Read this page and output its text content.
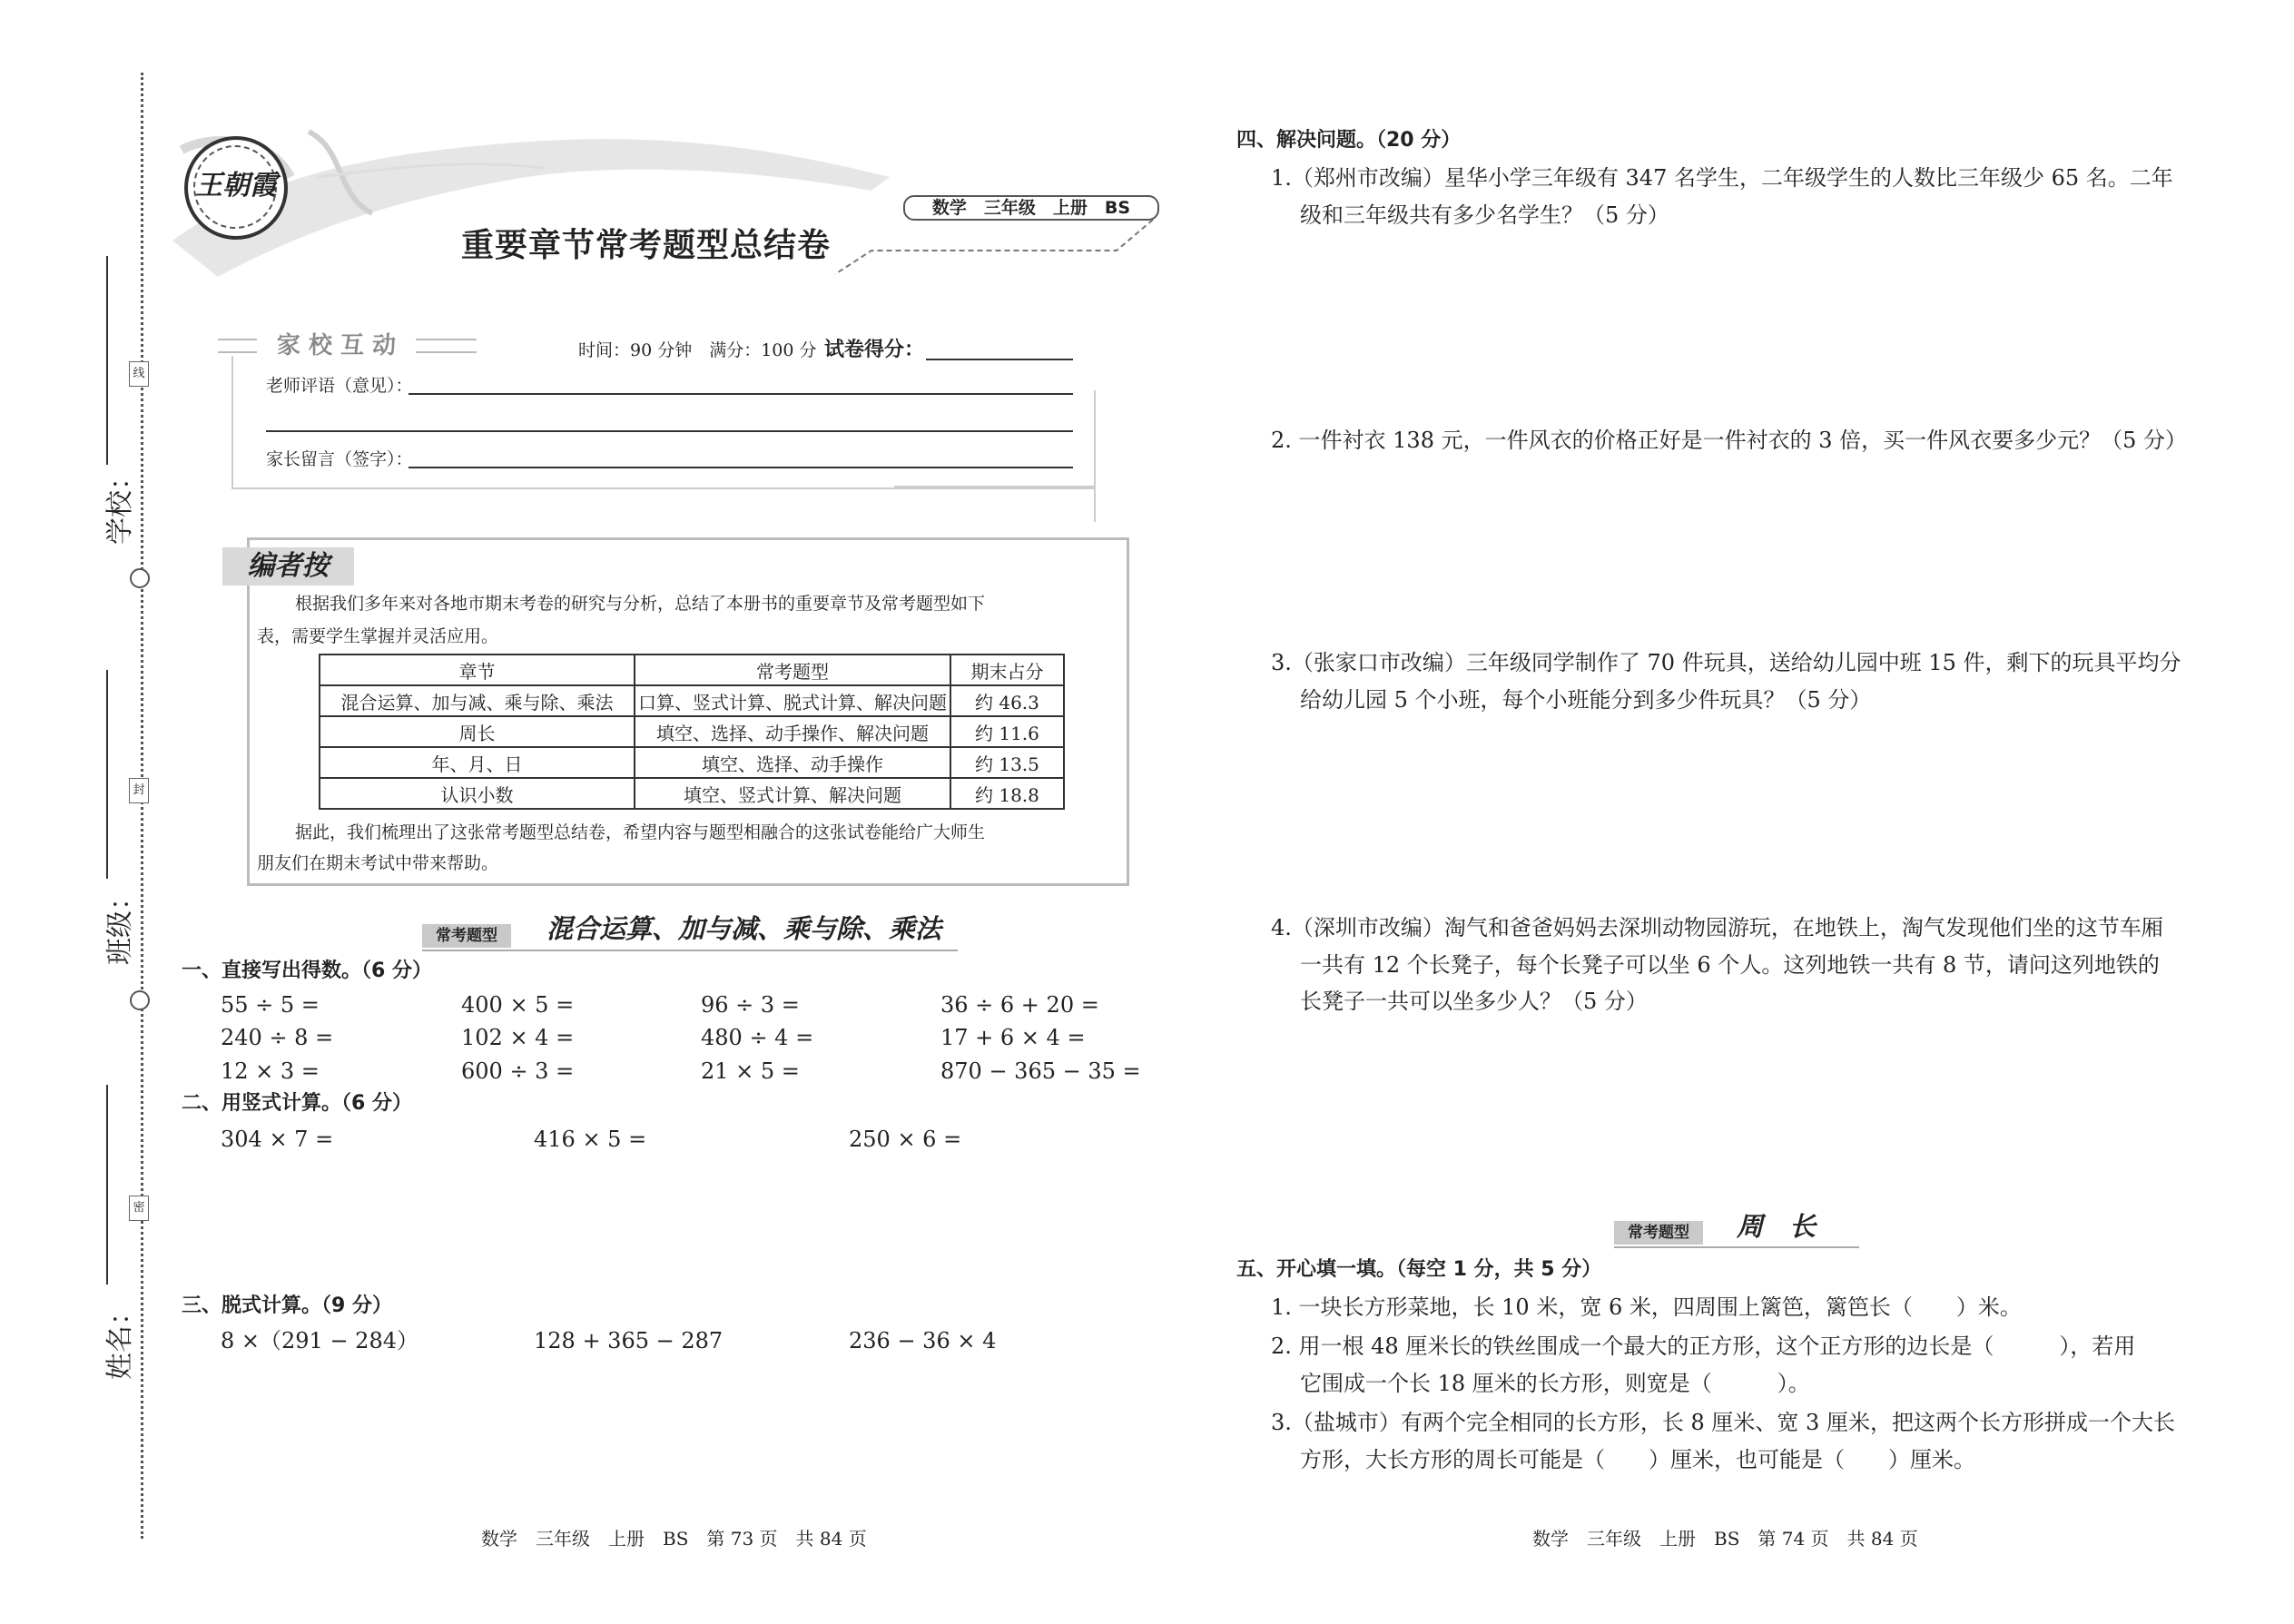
线
封
密
学校：
班级：
姓名：
王朝霞
重要章节常考题型总结卷
数学　三年级　上册　BS
家 校 互 动	时间：90 分钟　满分：100 分 试卷得分：
老师评语（意见）：
家长留言（签字）：
编者按
根据我们多年来对各地市期末考卷的研究与分析，总结了本册书的重要章节及常考题型如下
表，需要学生掌握并灵活应用。
章节	常考题型	期末占分
混合运算、加与减、乘与除、乘法	口算、竖式计算、脱式计算、解决问题	约 46.3
周长	填空、选择、动手操作、解决问题	约 11.6
年、月、日	填空、选择、动手操作	约 13.5
认识小数	填空、竖式计算、解决问题	约 18.8
据此，我们梳理出了这张常考题型总结卷，希望内容与题型相融合的这张试卷能给广大师生
朋友们在期末考试中带来帮助。
常考题型	混合运算、加与减、乘与除、乘法
一、直接写出得数。（6 分）
55 ÷ 5 =	400 × 5 =	96 ÷ 3 =	36 ÷ 6 + 20 =
240 ÷ 8 =	102 × 4 =	480 ÷ 4 =	17 + 6 × 4 =
12 × 3 =	600 ÷ 3 =	21 × 5 =	870 − 365 − 35 =
二、用竖式计算。（6 分）
304 × 7 =	416 × 5 =	250 × 6 =
三、脱式计算。（9 分）
8 ×（291 − 284）	128 + 365 − 287	236 − 36 × 4
四、解决问题。（20 分）
1.（郑州市改编）星华小学三年级有 347 名学生，二年级学生的人数比三年级少 65 名。二年
级和三年级共有多少名学生？（5 分）
2. 一件衬衣 138 元，一件风衣的价格正好是一件衬衣的 3 倍，买一件风衣要多少元？（5 分）
3.（张家口市改编）三年级同学制作了 70 件玩具，送给幼儿园中班 15 件，剩下的玩具平均分
给幼儿园 5 个小班，每个小班能分到多少件玩具？（5 分）
4.（深圳市改编）淘气和爸爸妈妈去深圳动物园游玩，在地铁上，淘气发现他们坐的这节车厢
一共有 12 个长凳子，每个长凳子可以坐 6 个人。这列地铁一共有 8 节，请问这列地铁的
长凳子一共可以坐多少人？（5 分）
常考题型	周　长
五、开心填一填。（每空 1 分，共 5 分）
1. 一块长方形菜地，长 10 米，宽 6 米，四周围上篱笆，篱笆长（　　）米。
2. 用一根 48 厘米长的铁丝围成一个最大的正方形，这个正方形的边长是（　　　），若用
它围成一个长 18 厘米的长方形，则宽是（　　　）。
3.（盐城市）有两个完全相同的长方形，长 8 厘米、宽 3 厘米，把这两个长方形拼成一个大长
方形，大长方形的周长可能是（　　）厘米，也可能是（　　）厘米。
数学　三年级　上册　BS　第 73 页　共 84 页	数学　三年级　上册　BS　第 74 页　共 84 页
